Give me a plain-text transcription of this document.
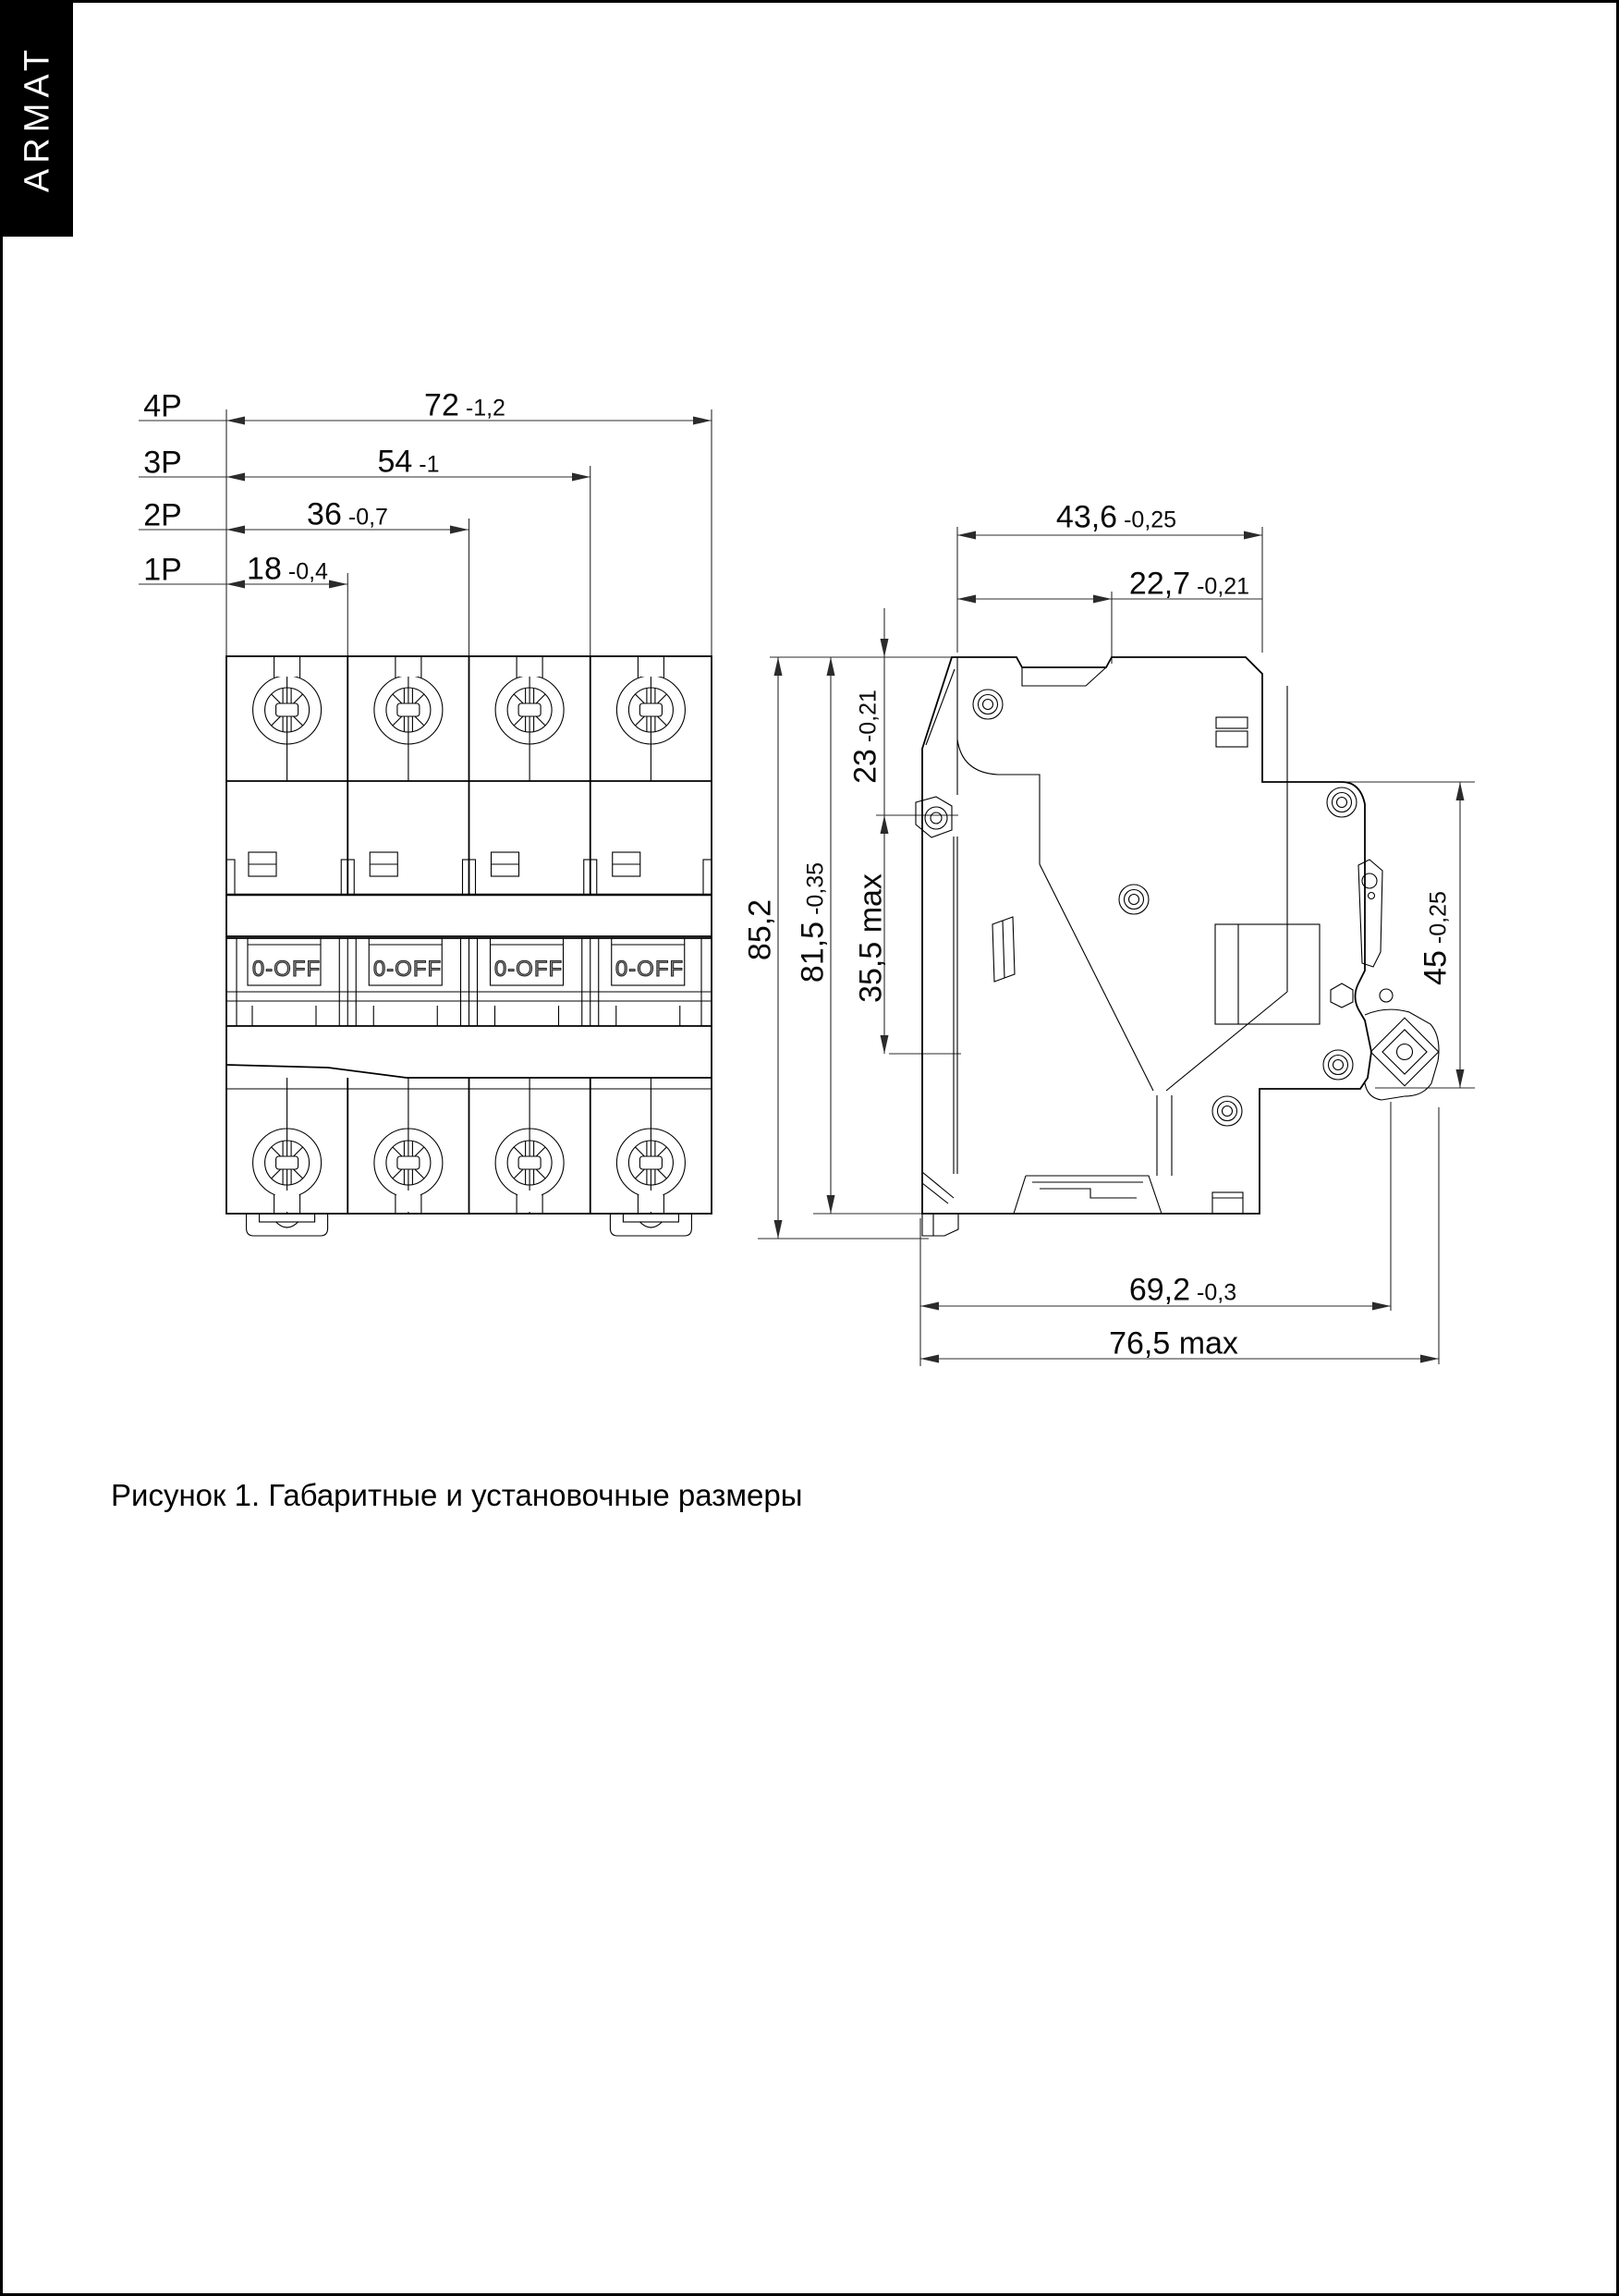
ARMAT
4P
3P
2P
1P
72 -1,2
54 -1
36 -0,7
18 -0,4
43,6 -0,25
22,7 -0,21
85,2 81,5-0,35
23-0,21
35,5 max	45-0,25
69,2 -0,3
76,5 max
0-OFF 0-OFF 0-OFF 0-OFF
Рисунок 1. Габаритные и установочные размеры
